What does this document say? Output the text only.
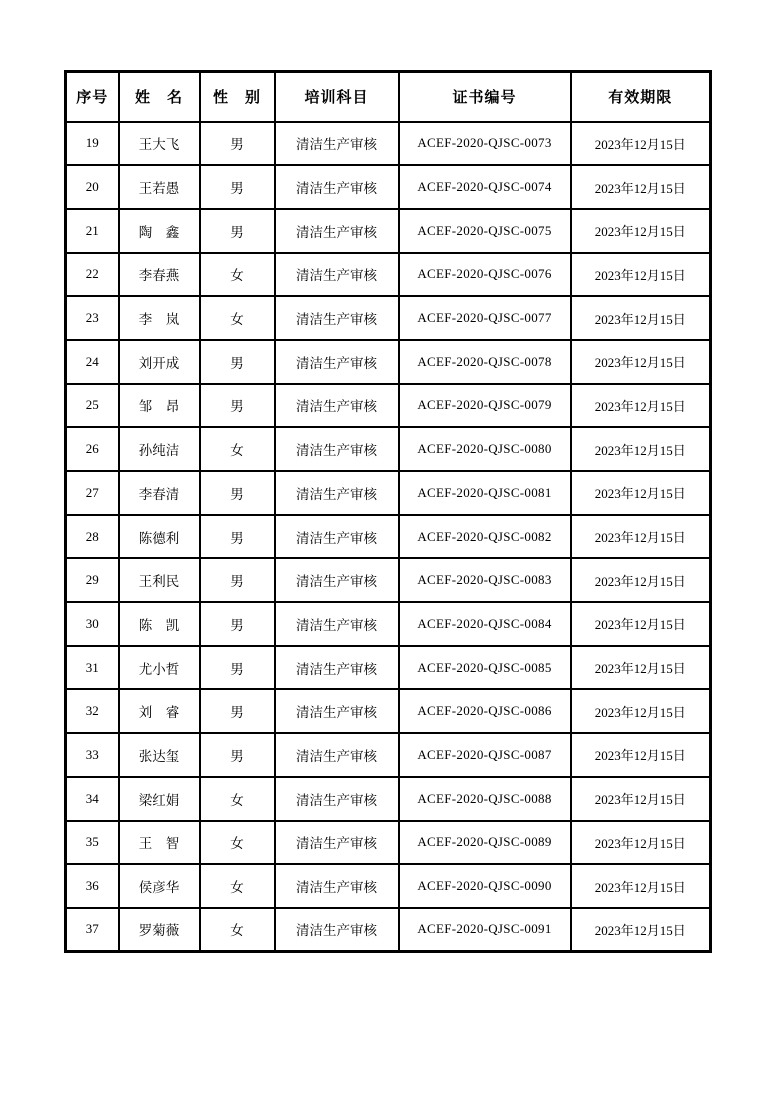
序号	姓　名	性　别	培训科目	证书编号	有效期限
19	王大飞	男	清洁生产审核	ACEF-2020-QJSC-0073	2023年12月15日
20	王若愚	男	清洁生产审核	ACEF-2020-QJSC-0074	2023年12月15日
21	陶　鑫	男	清洁生产审核	ACEF-2020-QJSC-0075	2023年12月15日
22	李春燕	女	清洁生产审核	ACEF-2020-QJSC-0076	2023年12月15日
23	李　岚	女	清洁生产审核	ACEF-2020-QJSC-0077	2023年12月15日
24	刘开成	男	清洁生产审核	ACEF-2020-QJSC-0078	2023年12月15日
25	邹　昂	男	清洁生产审核	ACEF-2020-QJSC-0079	2023年12月15日
26	孙纯洁	女	清洁生产审核	ACEF-2020-QJSC-0080	2023年12月15日
27	李春清	男	清洁生产审核	ACEF-2020-QJSC-0081	2023年12月15日
28	陈德利	男	清洁生产审核	ACEF-2020-QJSC-0082	2023年12月15日
29	王利民	男	清洁生产审核	ACEF-2020-QJSC-0083	2023年12月15日
30	陈　凯	男	清洁生产审核	ACEF-2020-QJSC-0084	2023年12月15日
31	尤小哲	男	清洁生产审核	ACEF-2020-QJSC-0085	2023年12月15日
32	刘　睿	男	清洁生产审核	ACEF-2020-QJSC-0086	2023年12月15日
33	张达玺	男	清洁生产审核	ACEF-2020-QJSC-0087	2023年12月15日
34	梁红娟	女	清洁生产审核	ACEF-2020-QJSC-0088	2023年12月15日
35	王　智	女	清洁生产审核	ACEF-2020-QJSC-0089	2023年12月15日
36	侯彦华	女	清洁生产审核	ACEF-2020-QJSC-0090	2023年12月15日
37	罗菊薇	女	清洁生产审核	ACEF-2020-QJSC-0091	2023年12月15日
